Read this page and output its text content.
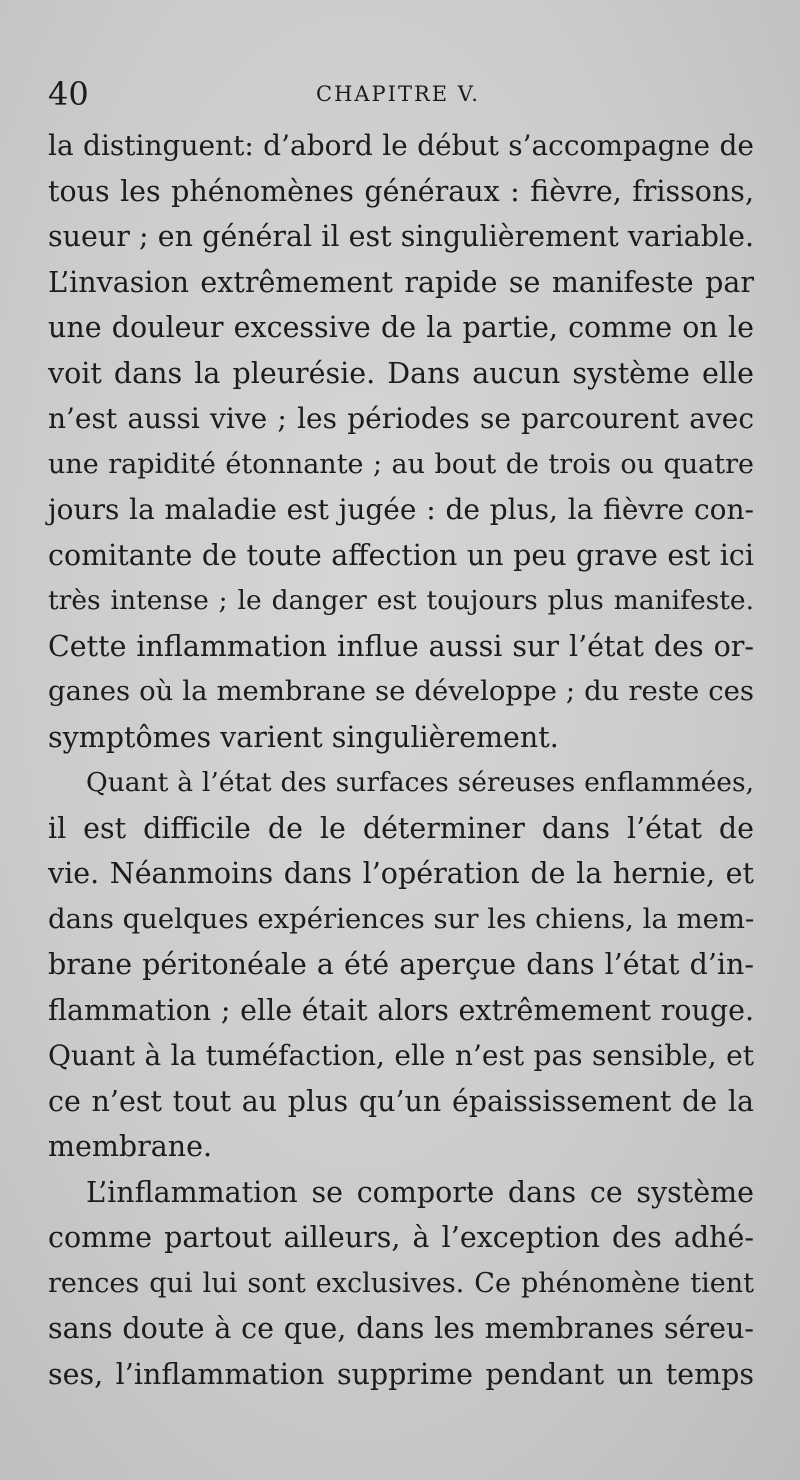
40	CHAPITRE V.
la distinguent: d’abord le début s’accompagne de
tous les phénomènes généraux : fièvre, frissons,
sueur ; en général il est singulièrement variable.
L’invasion extrêmement rapide se manifeste par
une douleur excessive de la partie, comme on le
voit dans la pleurésie. Dans aucun système elle
n’est aussi vive ; les périodes se parcourent avec
une rapidité étonnante ; au bout de trois ou quatre
jours la maladie est jugée : de plus, la fièvre con-
comitante de toute affection un peu grave est ici
très intense ; le danger est toujours plus manifeste.
Cette inflammation influe aussi sur l’état des or-
ganes où la membrane se développe ; du reste ces
symptômes varient singulièrement.
Quant à l’état des surfaces séreuses enflammées,
il est difficile de le déterminer dans l’état de
vie. Néanmoins dans l’opération de la hernie, et
dans quelques expériences sur les chiens, la mem-
brane péritonéale a été aperçue dans l’état d’in-
flammation ; elle était alors extrêmement rouge.
Quant à la tuméfaction, elle n’est pas sensible, et
ce n’est tout au plus qu’un épaississement de la
membrane.
L’inflammation se comporte dans ce système
comme partout ailleurs, à l’exception des adhé-
rences qui lui sont exclusives. Ce phénomène tient
sans doute à ce que, dans les membranes séreu-
ses, l’inflammation supprime pendant un temps
